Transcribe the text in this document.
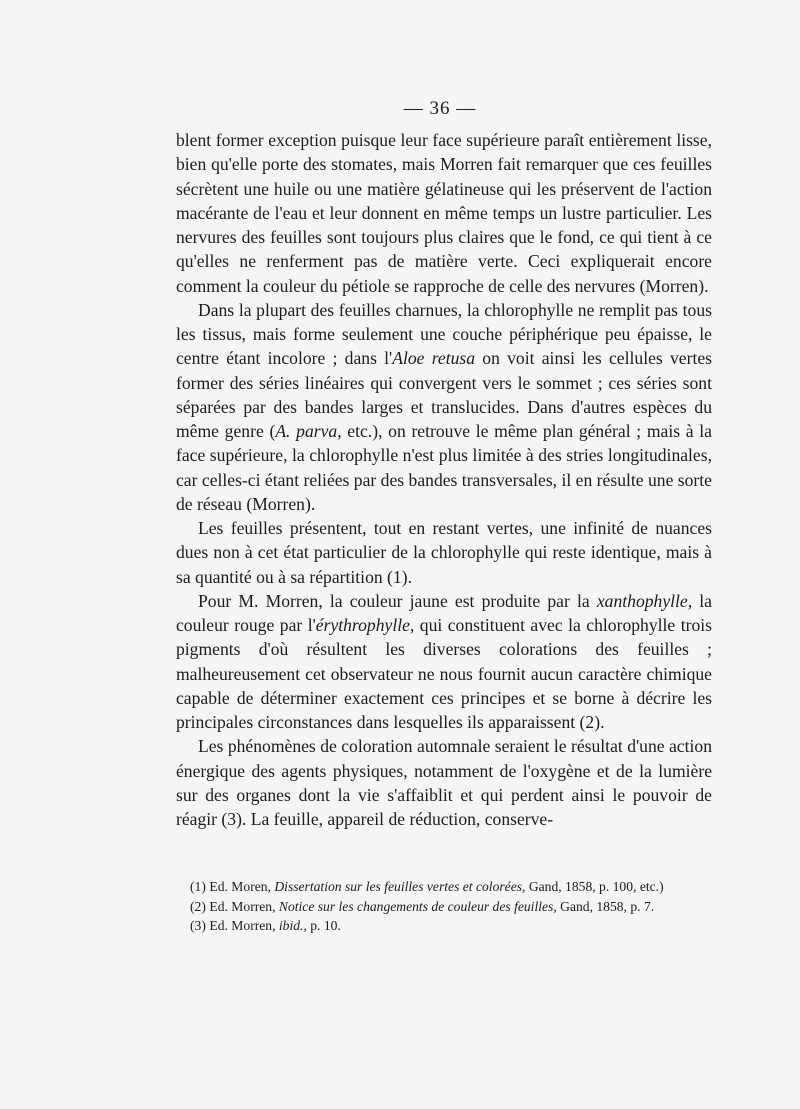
— 36 —

blent former exception puisque leur face supérieure paraît entièrement lisse, bien qu'elle porte des stomates, mais Morren fait remarquer que ces feuilles sécrètent une huile ou une matière gélatineuse qui les préservent de l'action macérante de l'eau et leur donnent en même temps un lustre particulier. Les nervures des feuilles sont toujours plus claires que le fond, ce qui tient à ce qu'elles ne renferment pas de matière verte. Ceci expliquerait encore comment la couleur du pétiole se rapproche de celle des nervures (Morren).

Dans la plupart des feuilles charnues, la chlorophylle ne remplit pas tous les tissus, mais forme seulement une couche périphérique peu épaisse, le centre étant incolore ; dans l'Aloe retusa on voit ainsi les cellules vertes former des séries linéaires qui convergent vers le sommet ; ces séries sont séparées par des bandes larges et translucides. Dans d'autres espèces du même genre (A. parva, etc.), on retrouve le même plan général ; mais à la face supérieure, la chlorophylle n'est plus limitée à des stries longitudinales, car celles-ci étant reliées par des bandes transversales, il en résulte une sorte de réseau (Morren).

Les feuilles présentent, tout en restant vertes, une infinité de nuances dues non à cet état particulier de la chlorophylle qui reste identique, mais à sa quantité ou à sa répartition (1).

Pour M. Morren, la couleur jaune est produite par la xanthophylle, la couleur rouge par l'érythrophylle, qui constituent avec la chlorophylle trois pigments d'où résultent les diverses colorations des feuilles ; malheureusement cet observateur ne nous fournit aucun caractère chimique capable de déterminer exactement ces principes et se borne à décrire les principales circonstances dans lesquelles ils apparaissent (2).

Les phénomènes de coloration automnale seraient le résultat d'une action énergique des agents physiques, notamment de l'oxygène et de la lumière sur des organes dont la vie s'affaiblit et qui perdent ainsi le pouvoir de réagir (3). La feuille, appareil de réduction, conserve-

(1) Ed. Moren, Dissertation sur les feuilles vertes et colorées, Gand, 1858, p. 100, etc.)

(2) Ed. Morren, Notice sur les changements de couleur des feuilles, Gand, 1858, p. 7.

(3) Ed. Morren, ibid., p. 10.
